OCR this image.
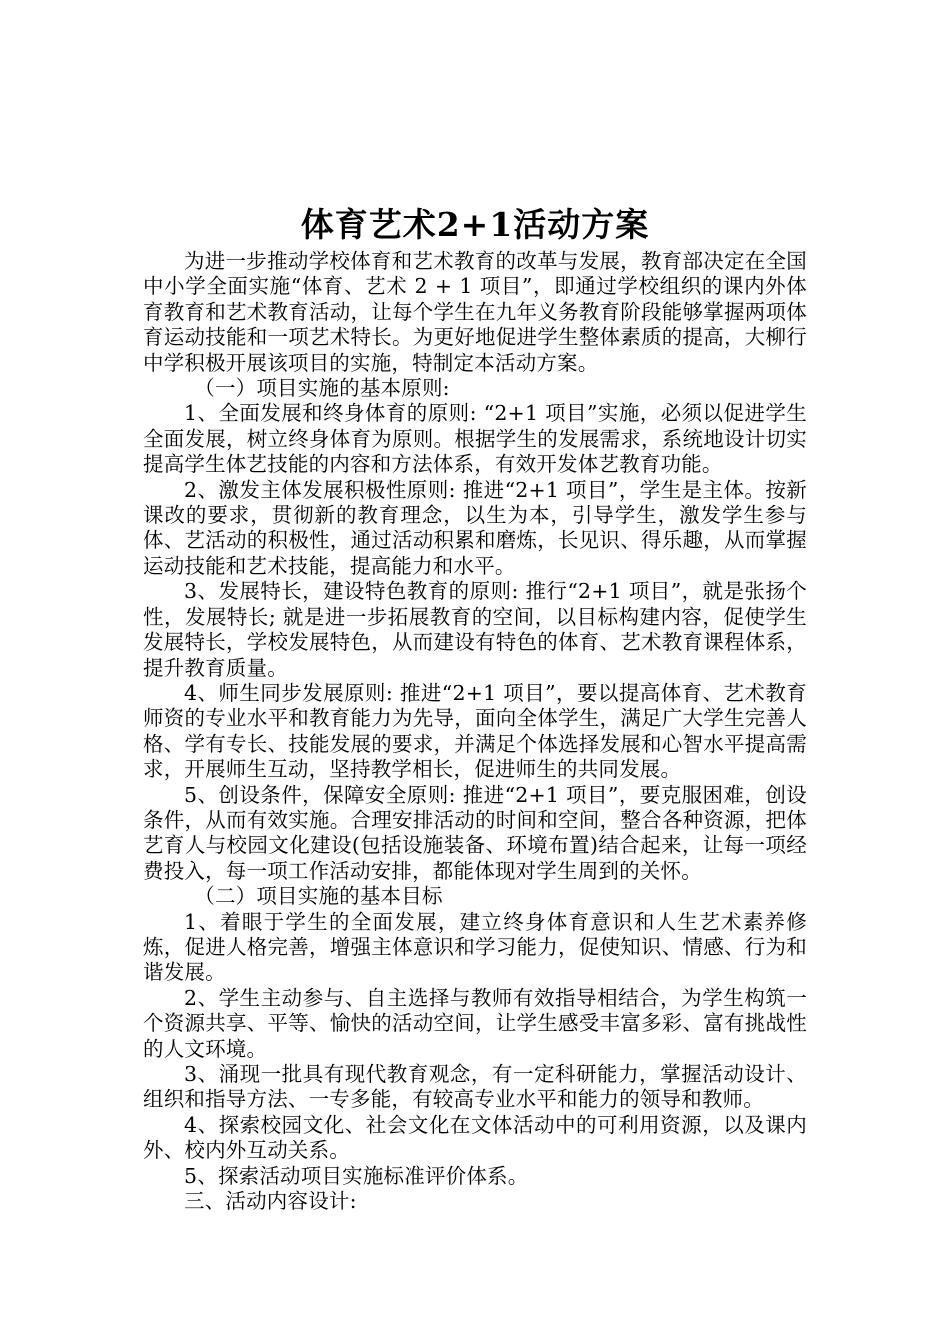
体育艺术2+1活动方案

为进一步推动学校体育和艺术教育的改革与发展，教育部决定在全国中小学全面实施“体育、艺术 2 + 1 项目”，即通过学校组织的课内外体育教育和艺术教育活动，让每个学生在九年义务教育阶段能够掌握两项体育运动技能和一项艺术特长。为更好地促进学生整体素质的提高，大柳行中学积极开展该项目的实施，特制定本活动方案。

（一）项目实施的基本原则:

1、全面发展和终身体育的原则: “2+1 项目”实施，必须以促进学生全面发展，树立终身体育为原则。根据学生的发展需求，系统地设计切实提高学生体艺技能的内容和方法体系，有效开发体艺教育功能。

2、激发主体发展积极性原则: 推进“2+1 项目”，学生是主体。按新课改的要求，贯彻新的教育理念，以生为本，引导学生，激发学生参与体、艺活动的积极性，通过活动积累和磨炼，长见识、得乐趣，从而掌握运动技能和艺术技能，提高能力和水平。

3、发展特长，建设特色教育的原则: 推行“2+1 项目”，就是张扬个性，发展特长; 就是进一步拓展教育的空间，以目标构建内容，促使学生发展特长，学校发展特色，从而建设有特色的体育、艺术教育课程体系，提升教育质量。

4、师生同步发展原则: 推进“2+1 项目”，要以提高体育、艺术教育师资的专业水平和教育能力为先导，面向全体学生，满足广大学生完善人格、学有专长、技能发展的要求，并满足个体选择发展和心智水平提高需求，开展师生互动，坚持教学相长，促进师生的共同发展。

5、创设条件，保障安全原则: 推进“2+1 项目”，要克服困难，创设条件，从而有效实施。合理安排活动的时间和空间，整合各种资源，把体艺育人与校园文化建设(包括设施装备、环境布置)结合起来，让每一项经费投入，每一项工作活动安排，都能体现对学生周到的关怀。

（二）项目实施的基本目标

1、着眼于学生的全面发展，建立终身体育意识和人生艺术素养修炼，促进人格完善，增强主体意识和学习能力，促使知识、情感、行为和谐发展。

2、学生主动参与、自主选择与教师有效指导相结合，为学生构筑一个资源共享、平等、愉快的活动空间，让学生感受丰富多彩、富有挑战性的人文环境。

3、涌现一批具有现代教育观念，有一定科研能力，掌握活动设计、组织和指导方法、一专多能，有较高专业水平和能力的领导和教师。

4、探索校园文化、社会文化在文体活动中的可利用资源，以及课内外、校内外互动关系。

5、探索活动项目实施标准评价体系。

三、活动内容设计:
